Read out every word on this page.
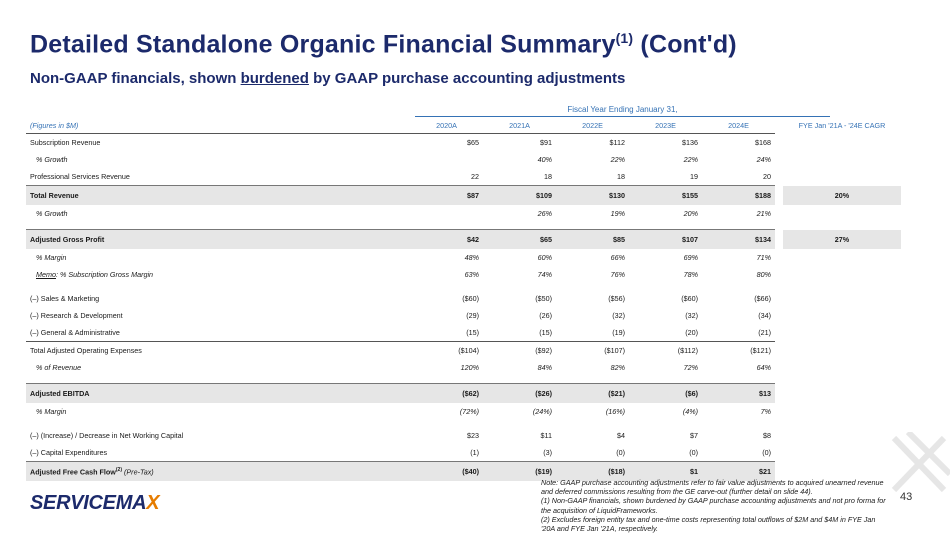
Detailed Standalone Organic Financial Summary$^{(1)}$ (Cont'd)
Non-GAAP financials, shown burdened by GAAP purchase accounting adjustments
Fiscal Year Ending January 31,
(Figures in $M)	2020A	2021A	2022E	2023E	2024E		FYE Jan '21A - '24E CAGR
Subscription Revenue	$65	$91	$112	$136	$168		
% Growth		40%	22%	22%	24%		
Professional Services Revenue	22	18	18	19	20		
Total Revenue	$87	$109	$130	$155	$188		20%
% Growth		26%	19%	20%	21%		

Adjusted Gross Profit	$42	$65	$85	$107	$134		27%
% Margin	48%	60%	66%	69%	71%		
Memo: % Subscription Gross Margin	63%	74%	76%	78%	80%		

(–) Sales & Marketing	($60)	($50)	($56)	($60)	($66)		
(–) Research & Development	(29)	(26)	(32)	(32)	(34)		
(–) General & Administrative	(15)	(15)	(19)	(20)	(21)		
Total Adjusted Operating Expenses	($104)	($92)	($107)	($112)	($121)		
% of Revenue	120%	84%	82%	72%	64%		

Adjusted EBITDA	($62)	($26)	($21)	($6)	$13		
% Margin	(72%)	(24%)	(16%)	(4%)	7%		

(–) (Increase) / Decrease in Net Working Capital	$23	$11	$4	$7	$8		
(–) Capital Expenditures	(1)	(3)	(0)	(0)	(0)		
Adjusted Free Cash Flow$^{(2)}$ (Pre-Tax)	($40)	($19)	($18)	$1	$21		
SERVICEMAX
Note: GAAP purchase accounting adjustments refer to fair value adjustments to acquired unearned revenue and deferred commissions resulting from the GE carve-out (further detail on slide 44).
(1) Non-GAAP financials, shown burdened by GAAP purchase accounting adjustments and not pro forma for the acquisition of LiquidFrameworks.
(2) Excludes foreign entity tax and one-time costs representing total outflows of $2M and $4M in FYE Jan '20A and FYE Jan '21A, respectively.
43
